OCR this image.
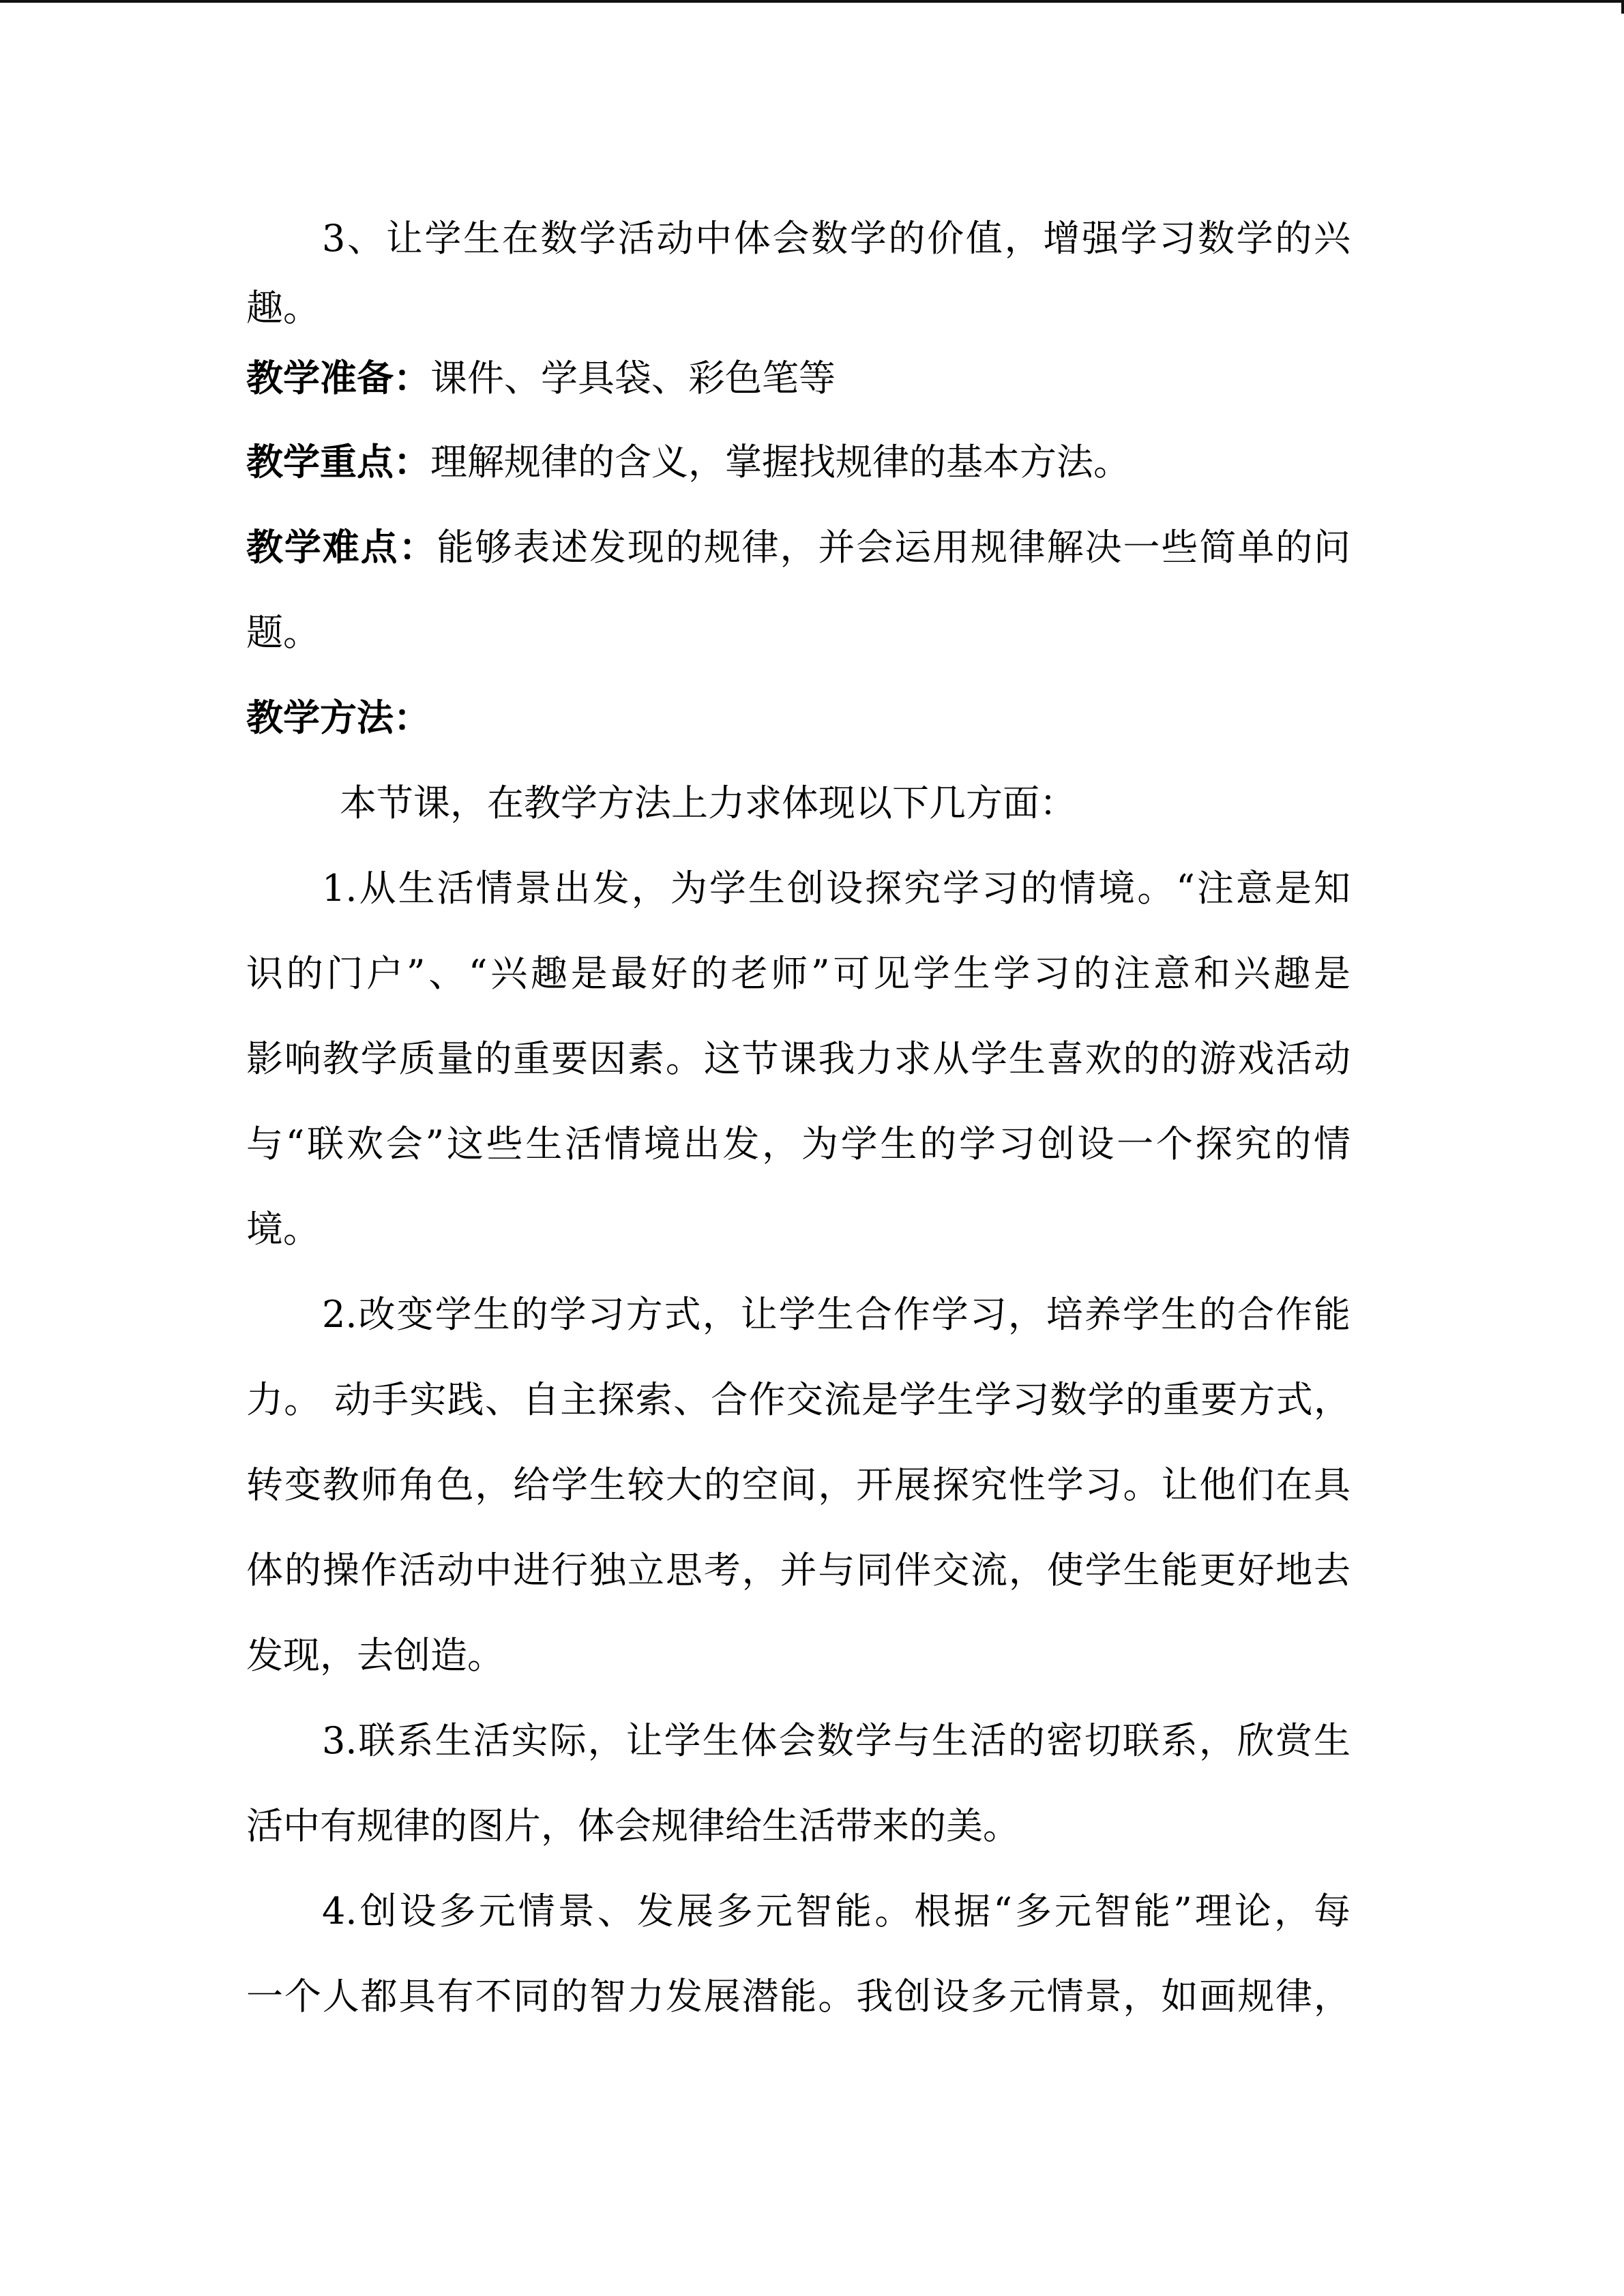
3、让学生在数学活动中体会数学的价值，增强学习数学的兴
趣。
教学准备：课件、学具袋、彩色笔等
教学重点：理解规律的含义，掌握找规律的基本方法。
教学难点：能够表述发现的规律，并会运用规律解决一些简单的问
题。
教学方法：
本节课，在教学方法上力求体现以下几方面：
1.从生活情景出发，为学生创设探究学习的情境。“注意是知
识的门户”、“兴趣是最好的老师”可见学生学习的注意和兴趣是
影响教学质量的重要因素。这节课我力求从学生喜欢的的游戏活动
与“联欢会”这些生活情境出发，为学生的学习创设一个探究的情
境。
2.改变学生的学习方式，让学生合作学习，培养学生的合作能
力。 动手实践、自主探索、合作交流是学生学习数学的重要方式，
转变教师角色，给学生较大的空间，开展探究性学习。让他们在具
体的操作活动中进行独立思考，并与同伴交流，使学生能更好地去
发现，去创造。
3.联系生活实际，让学生体会数学与生活的密切联系，欣赏生
活中有规律的图片，体会规律给生活带来的美。
4.创设多元情景、发展多元智能。根据“多元智能”理论，每
一个人都具有不同的智力发展潜能。我创设多元情景，如画规律，
